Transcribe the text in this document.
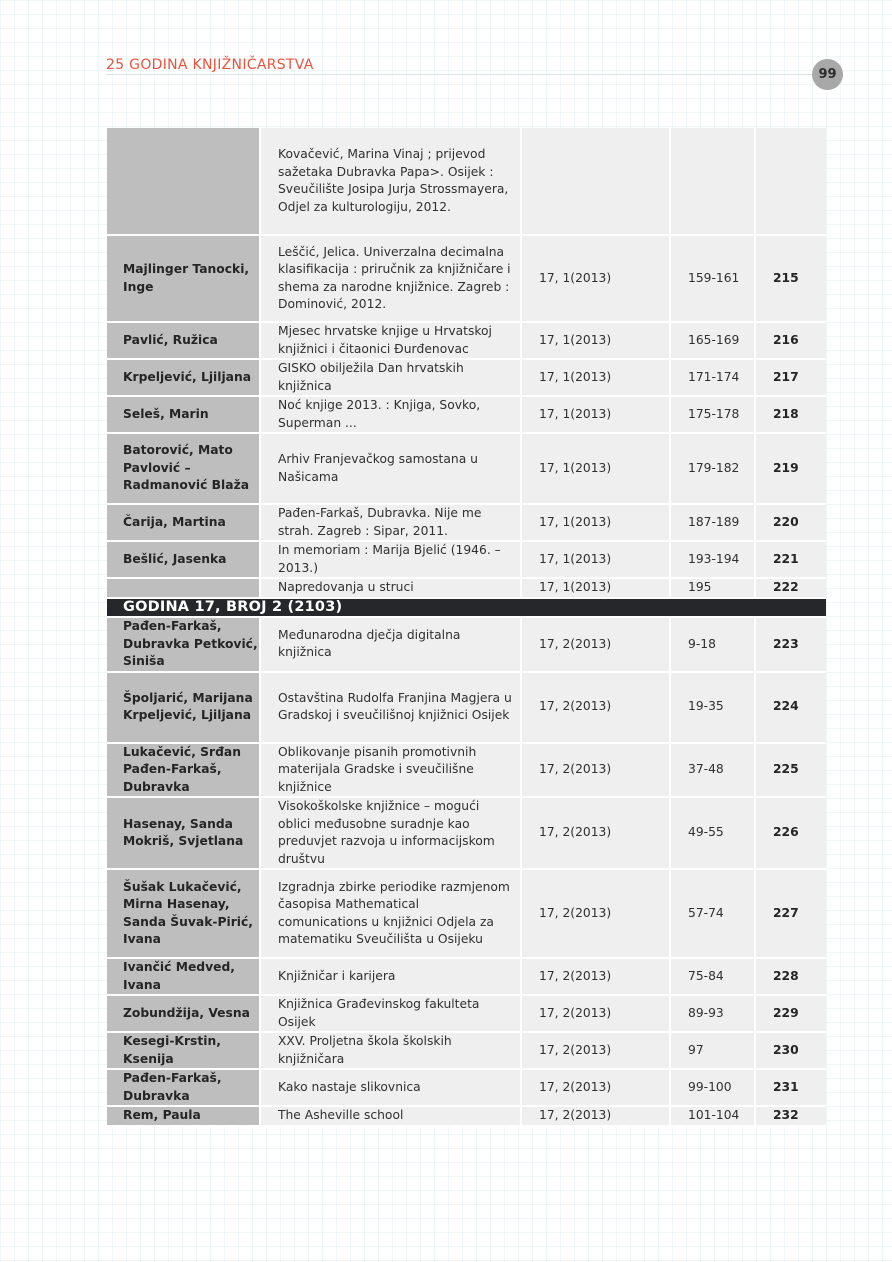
25 GODINA KNJIŽNIČARSTVA
99
	Kovačević, Marina Vinaj ; prijevod sažetaka Dubravka Papa>. Osijek : Sveučilište Josipa Jurja Strossmayera, Odjel za kulturologiju, 2012.			
Majlinger Tanocki, Inge	Leščić, Jelica. Univerzalna decimalna klasifikacija : priručnik za knjižničare i shema za narodne knjižnice. Zagreb : Dominović, 2012.	17, 1(2013)	159-161	215
Pavlić, Ružica	Mjesec hrvatske knjige u Hrvatskoj knjižnici i čitaonici Đurđenovac	17, 1(2013)	165-169	216
Krpeljević, Ljiljana	GISKO obilježila Dan hrvatskih knjižnica	17, 1(2013)	171-174	217
Seleš, Marin	Noć knjige 2013. : Knjiga, Sovko, Superman ...	17, 1(2013)	175-178	218
Batorović, Mato Pavlović – Radmanović Blaža	Arhiv Franjevačkog samostana u Našicama	17, 1(2013)	179-182	219
Čarija, Martina	Pađen-Farkaš, Dubravka. Nije me strah. Zagreb : Sipar, 2011.	17, 1(2013)	187-189	220
Bešlić, Jasenka	In memoriam : Marija Bjelić (1946. – 2013.)	17, 1(2013)	193-194	221
	Napredovanja u struci	17, 1(2013)	195	222
GODINA 17, BROJ 2 (2103)				
Pađen-Farkaš, Dubravka Petković, Siniša	Međunarodna dječja digitalna knjižnica	17, 2(2013)	9-18	223
Špoljarić, Marijana Krpeljević, Ljiljana	Ostavština Rudolfa Franjina Magjera u Gradskoj i sveučilišnoj knjižnici Osijek	17, 2(2013)	19-35	224
Lukačević, Srđan Pađen-Farkaš, Dubravka	Oblikovanje pisanih promotivnih materijala Gradske i sveučilišne knjižnice	17, 2(2013)	37-48	225
Hasenay, Sanda Mokriš, Svjetlana	Visokoškolske knjižnice – mogući oblici međusobne suradnje kao preduvjet razvoja u informacijskom društvu	17, 2(2013)	49-55	226
Šušak Lukačević, Mirna Hasenay, Sanda Šuvak-Pirić, Ivana	Izgradnja zbirke periodike razmjenom časopisa Mathematical comunications u knjižnici Odjela za matematiku Sveučilišta u Osijeku	17, 2(2013)	57-74	227
Ivančić Medved, Ivana	Knjižničar i karijera	17, 2(2013)	75-84	228
Zobundžija, Vesna	Knjižnica Građevinskog fakulteta Osijek	17, 2(2013)	89-93	229
Kesegi-Krstin, Ksenija	XXV. Proljetna škola školskih knjižničara	17, 2(2013)	97	230
Pađen-Farkaš, Dubravka	Kako nastaje slikovnica	17, 2(2013)	99-100	231
Rem, Paula	The Asheville school	17, 2(2013)	101-104	232
